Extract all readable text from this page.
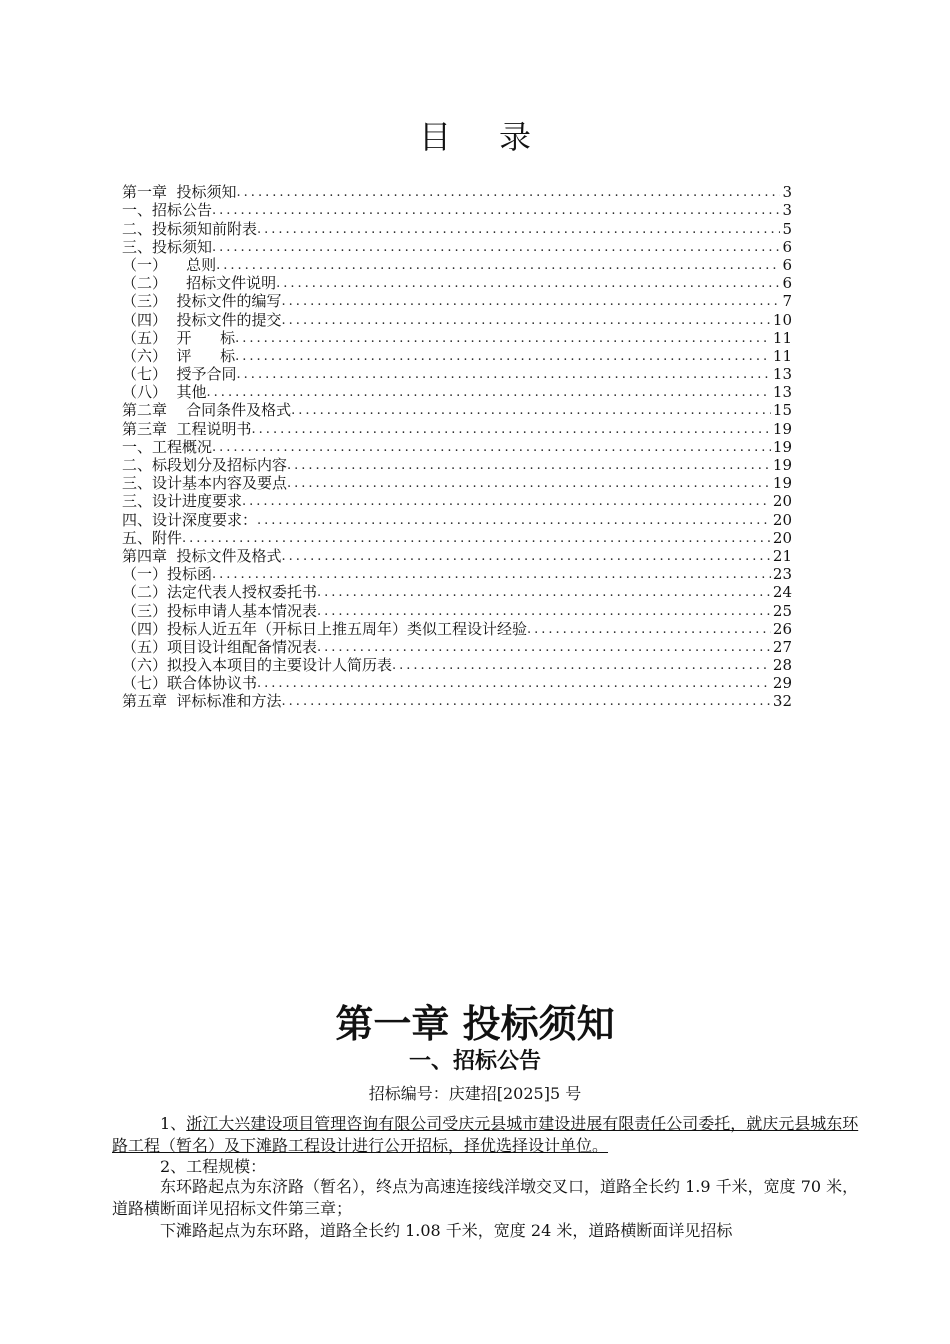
目录
第一章  投标须知 .....	3
一、招标公告 .....	3
二、投标须知前附表 .....	5
三、投标须知 .....	6
（一）    总则 .....	6
（二）    招标文件说明 .....	6
（三）  投标文件的编写 .....	7
（四）  投标文件的提交 .....	10
（五）  开      标 .....	11
（六）  评      标 .....	11
（七）  授予合同 .....	13
（八）  其他 .....	13
第二章    合同条件及格式 .....	15
第三章  工程说明书 .....	19
一、工程概况 .....	19
二、标段划分及招标内容 .....	19
三、设计基本内容及要点 .....	19
三、设计进度要求 .....	20
四、设计深度要求： .....	20
五、附件 .....	20
第四章  投标文件及格式 .....	21
（一）投标函 .....	23
（二）法定代表人授权委托书 .....	24
（三）投标申请人基本情况表 .....	25
（四）投标人近五年（开标日上推五周年）类似工程设计经验 .....	26
（五）项目设计组配备情况表 .....	27
（六）拟投入本项目的主要设计人简历表 .....	28
（七）联合体协议书 .....	29
第五章  评标标准和方法 .....	32
第一章 投标须知
一、招标公告
招标编号：庆建招[2025]5 号
1、浙江大兴建设项目管理咨询有限公司受庆元县城市建设进展有限责任公司委托，就庆元县城东环路工程（暂名）及下滩路工程设计进行公开招标，择优选择设计单位。
2、工程规模：
东环路起点为东济路（暂名），终点为高速连接线洋墩交叉口，道路全长约 1.9 千米，宽度 70 米，道路横断面详见招标文件第三章；
下滩路起点为东环路，道路全长约 1.08 千米，宽度 24 米，道路横断面详见招标
